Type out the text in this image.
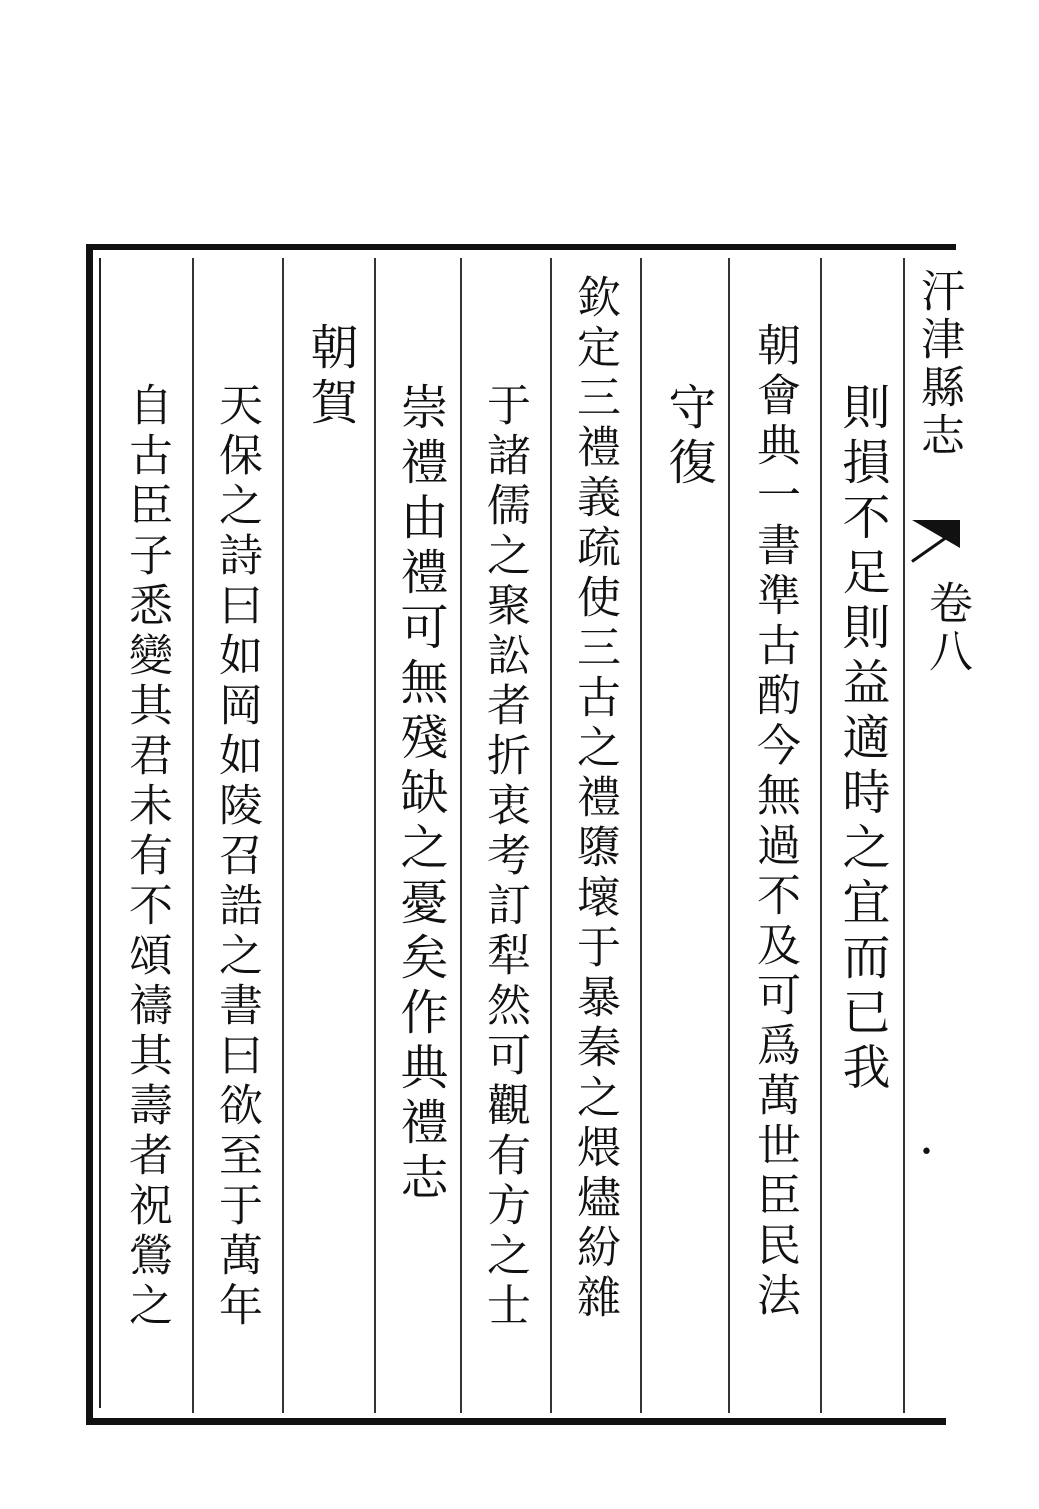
汗津縣志
卷八
•
則損不足則益適時之宜而已我
朝會典一書準古酌今無過不及可爲萬世臣民法
守復
欽定三禮義疏使三古之禮隳壞于暴秦之煨燼紛雜
于諸儒之聚訟者折衷考訂犁然可觀有方之士
崇禮由禮可無殘缺之憂矣作典禮志
朝賀
天保之詩曰如岡如陵召誥之書曰欲至于萬年
自古臣子悉變其君未有不頌禱其壽者祝鶯之
